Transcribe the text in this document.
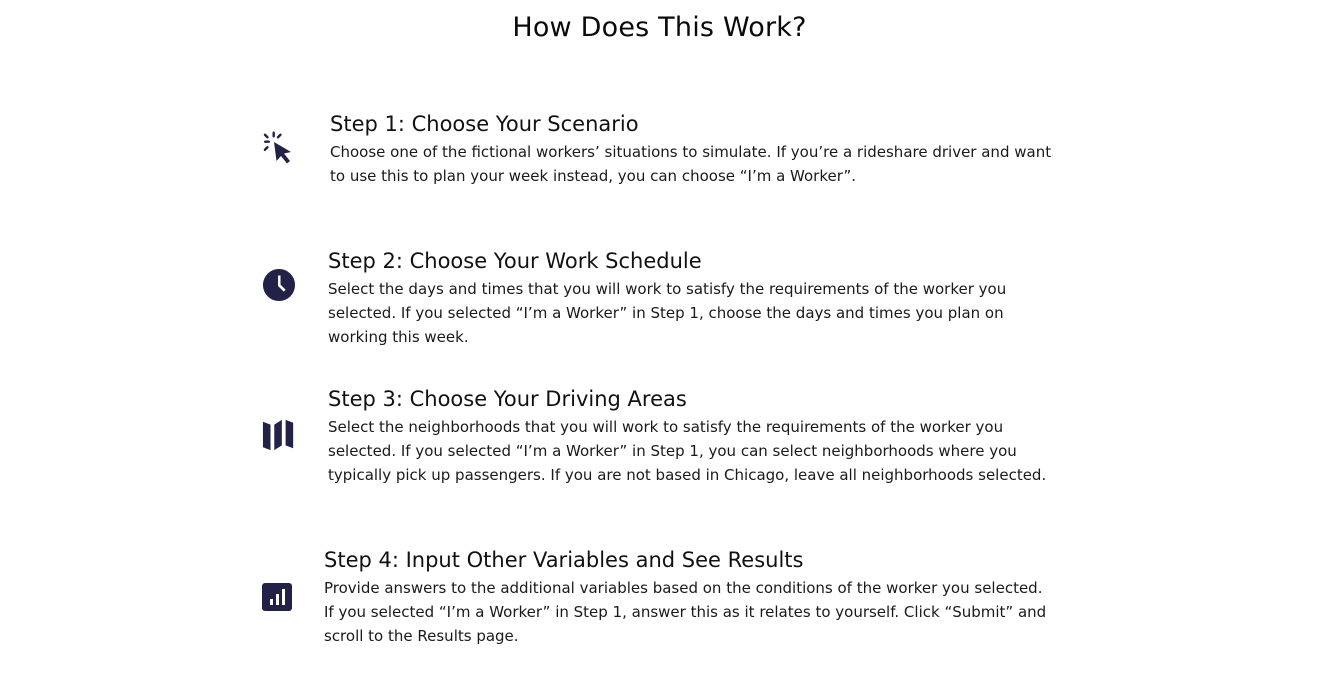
How Does This Work?
Step 1: Choose Your Scenario

Choose one of the fictional workers’ situations to simulate. If you’re a rideshare driver and want to use this to plan your week instead, you can choose “I’m a Worker”.

Step 2: Choose Your Work Schedule

Select the days and times that you will work to satisfy the requirements of the worker you selected. If you selected “I’m a Worker” in Step 1, choose the days and times you plan on working this week.

Step 3: Choose Your Driving Areas

Select the neighborhoods that you will work to satisfy the requirements of the worker you selected. If you selected “I’m a Worker” in Step 1, you can select neighborhoods where you typically pick up passengers. If you are not based in Chicago, leave all neighborhoods selected.

Step 4: Input Other Variables and See Results

Provide answers to the additional variables based on the conditions of the worker you selected. If you selected “I’m a Worker” in Step 1, answer this as it relates to yourself. Click “Submit” and scroll to the Results page.
